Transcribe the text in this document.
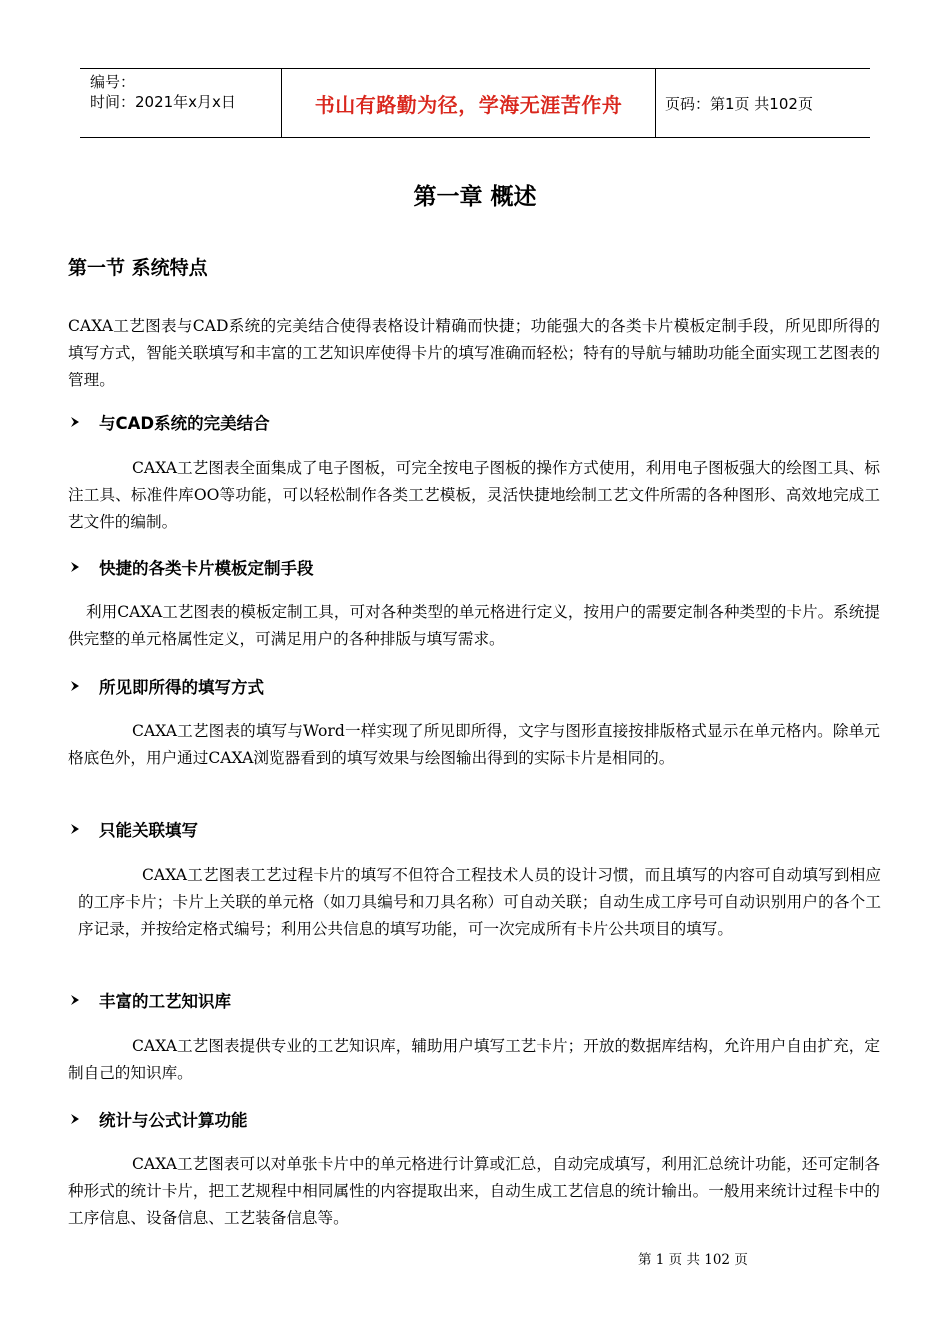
编号：
时间：2021年x月x日	书山有路勤为径，学海无涯苦作舟	页码：第1页 共102页
第一章 概述
第一节 系统特点

CAXA工艺图表与CAD系统的完美结合使得表格设计精确而快捷；功能强大的各类卡片模板定制手段，所见即所得的填写方式，智能关联填写和丰富的工艺知识库使得卡片的填写准确而轻松；特有的导航与辅助功能全面实现工艺图表的管理。

与CAD系统的完美结合

CAXA工艺图表全面集成了电子图板，可完全按电子图板的操作方式使用，利用电子图板强大的绘图工具、标注工具、标准件库OO等功能，可以轻松制作各类工艺模板，灵活快捷地绘制工艺文件所需的各种图形、高效地完成工艺文件的编制。

快捷的各类卡片模板定制手段

利用CAXA工艺图表的模板定制工具，可对各种类型的单元格进行定义，按用户的需要定制各种类型的卡片。系统提供完整的单元格属性定义，可满足用户的各种排版与填写需求。

所见即所得的填写方式

CAXA工艺图表的填写与Word一样实现了所见即所得，文字与图形直接按排版格式显示在单元格内。除单元格底色外，用户通过CAXA浏览器看到的填写效果与绘图输出得到的实际卡片是相同的。

只能关联填写

CAXA工艺图表工艺过程卡片的填写不但符合工程技术人员的设计习惯，而且填写的内容可自动填写到相应的工序卡片；卡片上关联的单元格（如刀具编号和刀具名称）可自动关联；自动生成工序号可自动识别用户的各个工序记录，并按给定格式编号；利用公共信息的填写功能，可一次完成所有卡片公共项目的填写。

丰富的工艺知识库

CAXA工艺图表提供专业的工艺知识库，辅助用户填写工艺卡片；开放的数据库结构，允许用户自由扩充，定制自己的知识库。

统计与公式计算功能

CAXA工艺图表可以对单张卡片中的单元格进行计算或汇总，自动完成填写，利用汇总统计功能，还可定制各种形式的统计卡片，把工艺规程中相同属性的内容提取出来，自动生成工艺信息的统计输出。一般用来统计过程卡中的工序信息、设备信息、工艺装备信息等。

第 1 页 共 102 页
